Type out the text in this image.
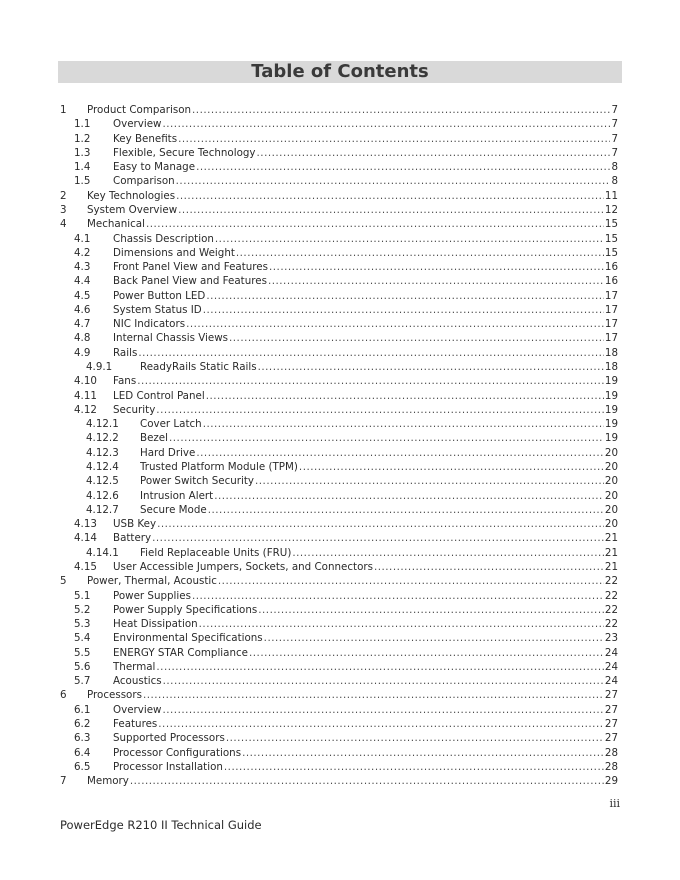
Table of Contents
1 Product Comparison .....	7
1.1 Overview .....	7
1.2 Key Benefits .....	7
1.3 Flexible, Secure Technology .....	7
1.4 Easy to Manage .....	8
1.5 Comparison .....	8
2 Key Technologies .....	11
3 System Overview .....	12
4 Mechanical .....	15
4.1 Chassis Description .....	15
4.2 Dimensions and Weight .....	15
4.3 Front Panel View and Features .....	16
4.4 Back Panel View and Features .....	16
4.5 Power Button LED .....	17
4.6 System Status ID .....	17
4.7 NIC Indicators .....	17
4.8 Internal Chassis Views .....	17
4.9 Rails .....	18
4.9.1	ReadyRails Static Rails .....	18
4.10 Fans .....	19
4.11 LED Control Panel .....	19
4.12 Security .....	19
4.12.1 Cover Latch .....	19
4.12.2 Bezel .....	19
4.12.3 Hard Drive .....	20
4.12.4 Trusted Platform Module (TPM) .....	20
4.12.5 Power Switch Security .....	20
4.12.6 Intrusion Alert .....	20
4.12.7 Secure Mode .....	20
4.13 USB Key .....	20
4.14 Battery .....	21
4.14.1 Field Replaceable Units (FRU) .....	21
4.15 User Accessible Jumpers, Sockets, and Connectors .....	21
5 Power, Thermal, Acoustic .....	22
5.1 Power Supplies .....	22
5.2 Power Supply Specifications .....	22
5.3 Heat Dissipation .....	22
5.4 Environmental Specifications .....	23
5.5 ENERGY STAR Compliance .....	24
5.6 Thermal .....	24
5.7 Acoustics .....	24
6 Processors .....	27
6.1 Overview .....	27
6.2 Features .....	27
6.3 Supported Processors .....	27
6.4 Processor Configurations .....	28
6.5 Processor Installation .....	28
7 Memory .....	29
iii
PowerEdge R210 II Technical Guide
